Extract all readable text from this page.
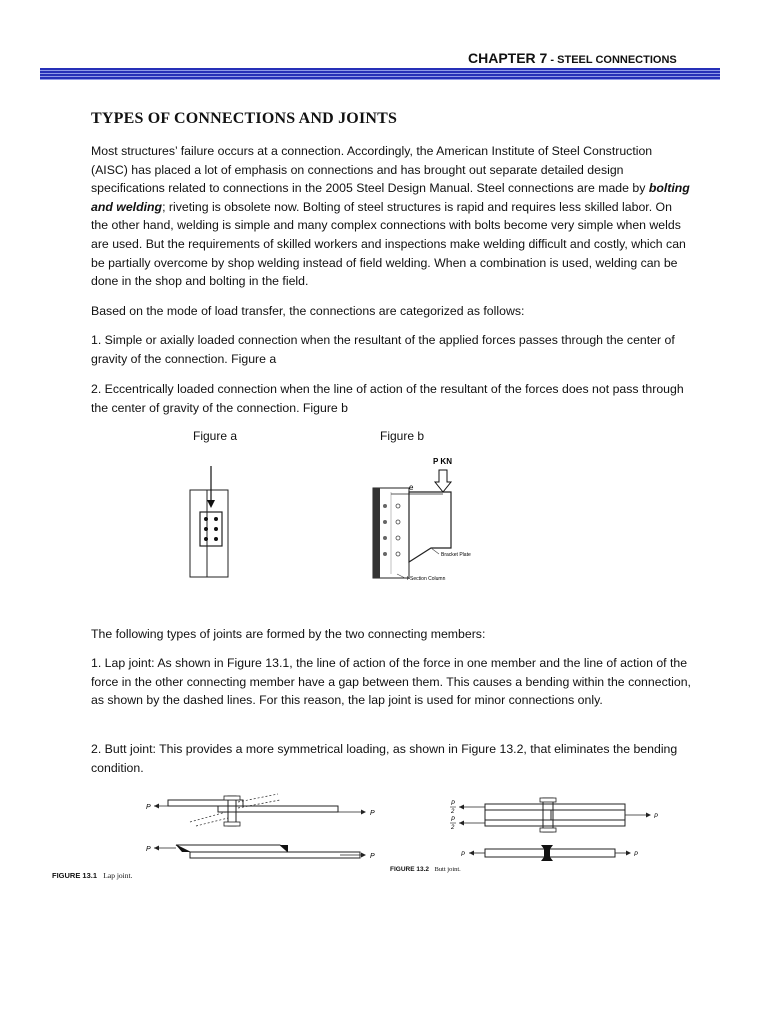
CHAPTER 7 - STEEL CONNECTIONS
TYPES OF CONNECTIONS AND JOINTS
Most structures’ failure occurs at a connection. Accordingly, the American Institute of Steel Construction (AISC) has placed a lot of emphasis on connections and has brought out separate detailed design specifications related to connections in the 2005 Steel Design Manual. Steel connections are made by bolting and welding; riveting is obsolete now. Bolting of steel structures is rapid and requires less skilled labor. On the other hand, welding is simple and many complex connections with bolts become very simple when welds are used. But the requirements of skilled workers and inspections make welding difficult and costly, which can be partially overcome by shop welding instead of field welding. When a combination is used, welding can be done in the shop and bolting in the field.
Based on the mode of load transfer, the connections are categorized as follows:
1. Simple or axially loaded connection when the resultant of the applied forces passes through the center of gravity of the connection. Figure a
2. Eccentrically loaded connection when the line of action of the resultant of the forces does not pass through the center of gravity of the connection. Figure b
Figure a	Figure b
P KN
e
Bracket Plate
I-Section Column
The following types of joints are formed by the two connecting members:
1. Lap joint: As shown in Figure 13.1, the line of action of the force in one member and the line of action of the force in the other connecting member have a gap between them. This causes a bending within the connection, as shown by the dashed lines. For this reason, the lap joint is used for minor connections only.
2. Butt joint: This provides a more symmetrical loading, as shown in Figure 13.2, that eliminates the bending condition.
P
P
P
P
FIGURE 13.1 Lap joint.
P
2
P
2
P
P	P
FIGURE 13.2 Butt joint.
